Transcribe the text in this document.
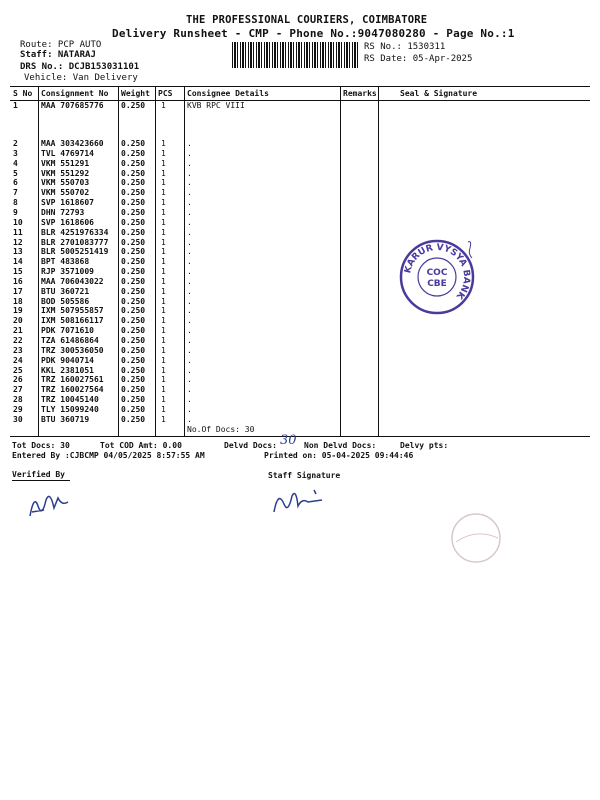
THE PROFESSIONAL COURIERS, COIMBATORE
Delivery Runsheet - CMP - Phone No.:9047080280 - Page No.:1
Route: PCP AUTO
Staff: NATARAJ
DRS No.: DCJB153031101
Vehicle: Van Delivery
RS No.: 1530311
RS Date: 05-Apr-2025
S No Consignment No Weight PCS Consignee Details	Remarks	Seal & Signature
1	MAA 707685776 0.250 1	KVB RPC VIII
2	MAA 303423660 0.250 1	.
3	TVL 4769714	0.250 1	.
4	VKM 551291	0.250 1	.
5	VKM 551292	0.250 1	.
6	VKM 550703	0.250 1	.
7	VKM 550702	0.250 1	.
8	SVP 1618607	0.250 1	.
9	DHN 72793	0.250 1	.
10 SVP 1618606	0.250 1	.
11 BLR 4251976334 0.250 1	.
12 BLR 2701083777 0.250 1	.
13 BLR 5005251419 0.250 1	.
14 BPT 483868	0.250 1	.
15 RJP 3571009	0.250 1	.
16 MAA 706043022 0.250 1	.
17 BTU 360721	0.250 1	.
18 BOD 505586	0.250 1	.
19 IXM 507955857 0.250 1	.
20 IXM 508166117 0.250 1	.
21 PDK 7071610	0.250 1	.
22 TZA 61486864	0.250 1	.
23 TRZ 300536050 0.250 1	.
24 PDK 9040714	0.250 1	.
25 KKL 2381051	0.250 1	.
26 TRZ 160027561 0.250 1	.
27 TRZ 160027564 0.250 1	.
28 TRZ 10045140	0.250 1	.
29 TLY 15099240	0.250 1	.
30 BTU 360719	0.250 1	.
No.Of Docs: 30
KARUR VYSYA BANK
COC
CBE
Tot Docs: 30	Tot COD Amt: 0.00	Delvd Docs: 30 Non Delvd Docs:	Delvy pts:
Entered By :CJBCMP 04/05/2025 8:57:55 AM	Printed on: 05-04-2025 09:44:46
Verified By	Staff Signature
